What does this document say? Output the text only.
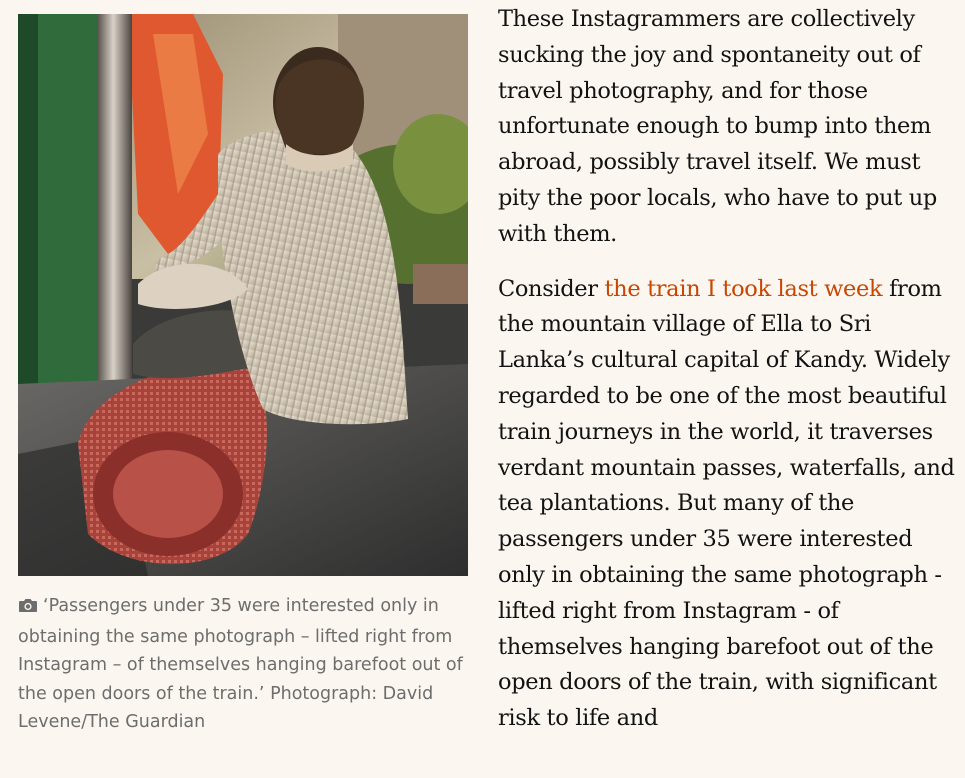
‘Passengers under 35 were interested only in obtaining the same photograph – lifted right from Instagram – of themselves hanging barefoot out of the open doors of the train.’ Photograph: David Levene/The Guardian

These Instagrammers are collectively sucking the joy and spontaneity out of travel photography, and for those unfortunate enough to bump into them abroad, possibly travel itself. We must pity the poor locals, who have to put up with them.

Consider the train I took last week from the mountain village of Ella to Sri Lanka’s cultural capital of Kandy. Widely regarded to be one of the most beautiful train journeys in the world, it traverses verdant mountain passes, waterfalls, and tea plantations. But many of the passengers under 35 were interested only in obtaining the same photograph - lifted right from Instagram - of themselves hanging barefoot out of the open doors of the train, with significant risk to life and
